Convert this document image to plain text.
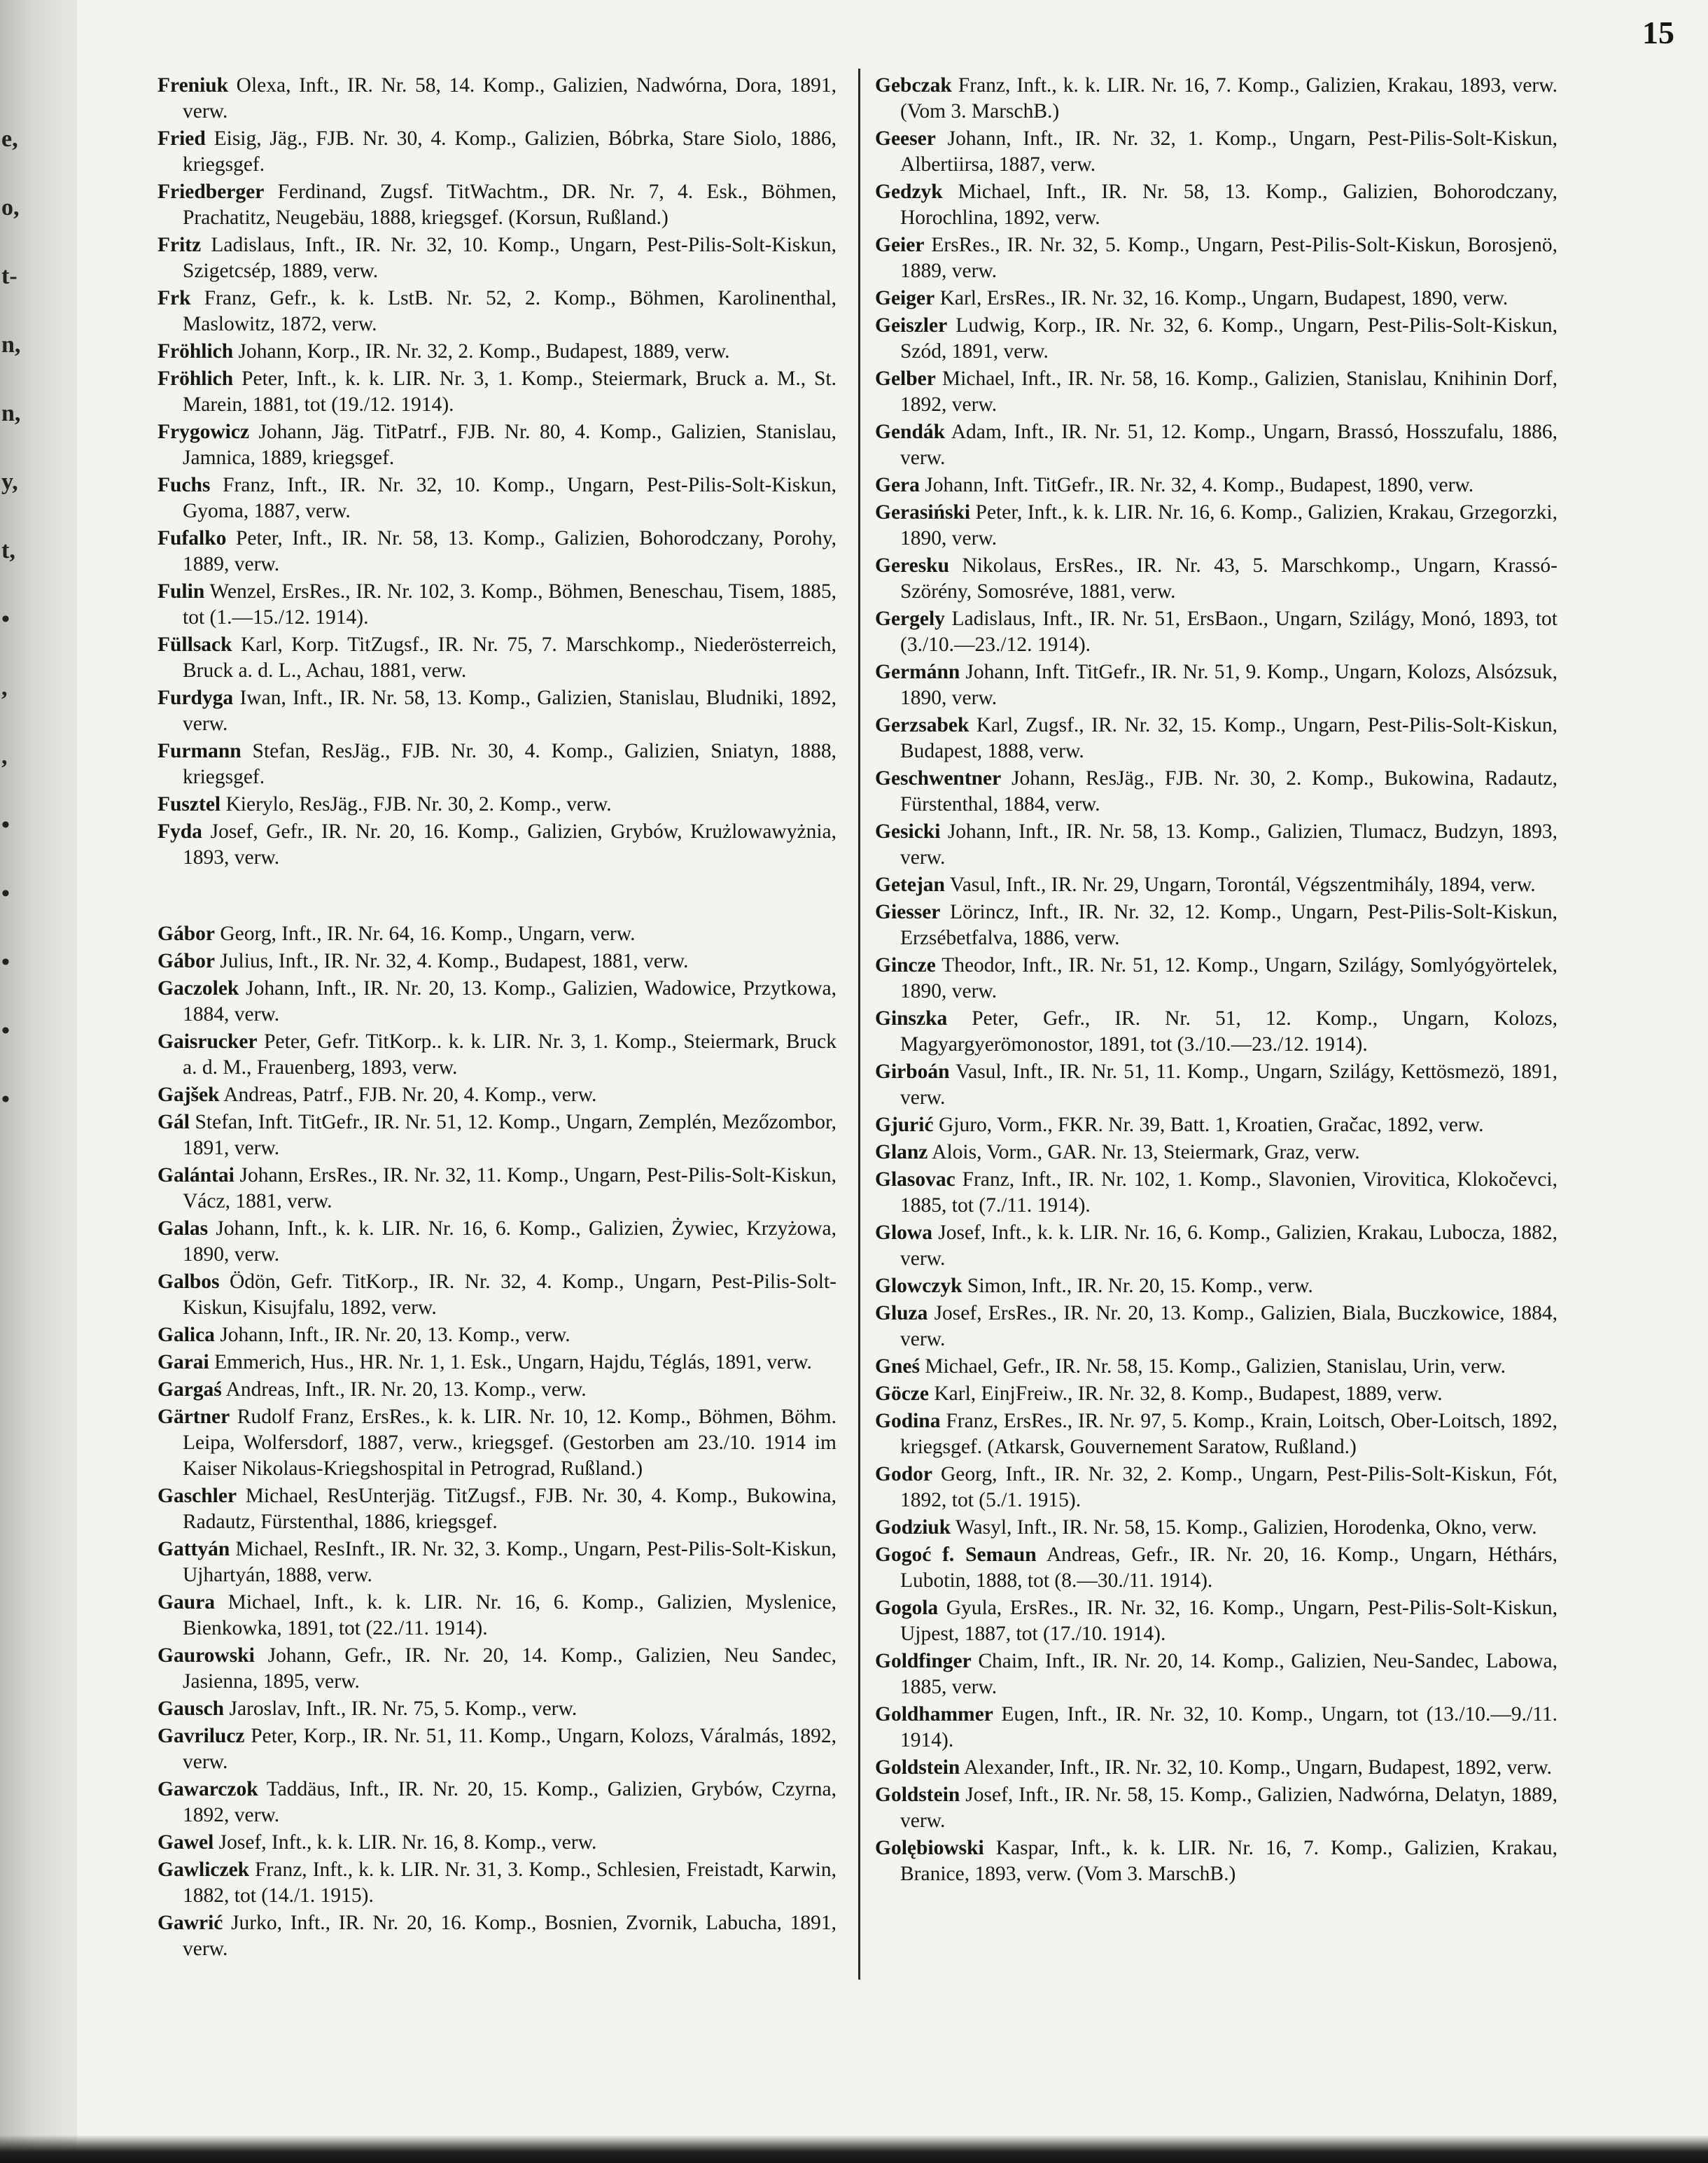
e,
o,
t-
n,
n,
y,
t,
•
,
,
•
•
•
•
•
15

Freniuk Olexa, Inft., IR. Nr. 58, 14. Komp., Galizien, Nadwórna, Dora, 1891, verw.

Fried Eisig, Jäg., FJB. Nr. 30, 4. Komp., Galizien, Bóbrka, Stare Siolo, 1886, kriegsgef.

Friedberger Ferdinand, Zugsf. TitWachtm., DR. Nr. 7, 4. Esk., Böhmen, Prachatitz, Neugebäu, 1888, kriegsgef. (Korsun, Rußland.)

Fritz Ladislaus, Inft., IR. Nr. 32, 10. Komp., Ungarn, Pest-Pilis-Solt-Kiskun, Szigetcsép, 1889, verw.

Frk Franz, Gefr., k. k. LstB. Nr. 52, 2. Komp., Böhmen, Karolinenthal, Maslowitz, 1872, verw.

Fröhlich Johann, Korp., IR. Nr. 32, 2. Komp., Budapest, 1889, verw.

Fröhlich Peter, Inft., k. k. LIR. Nr. 3, 1. Komp., Steiermark, Bruck a. M., St. Marein, 1881, tot (19./12. 1914).

Frygowicz Johann, Jäg. TitPatrf., FJB. Nr. 80, 4. Komp., Galizien, Stanislau, Jamnica, 1889, kriegsgef.

Fuchs Franz, Inft., IR. Nr. 32, 10. Komp., Ungarn, Pest-Pilis-Solt-Kiskun, Gyoma, 1887, verw.

Fufalko Peter, Inft., IR. Nr. 58, 13. Komp., Galizien, Bohorodczany, Porohy, 1889, verw.

Fulin Wenzel, ErsRes., IR. Nr. 102, 3. Komp., Böhmen, Beneschau, Tisem, 1885, tot (1.—15./12. 1914).

Füllsack Karl, Korp. TitZugsf., IR. Nr. 75, 7. Marschkomp., Niederösterreich, Bruck a. d. L., Achau, 1881, verw.

Furdyga Iwan, Inft., IR. Nr. 58, 13. Komp., Galizien, Stanislau, Bludniki, 1892, verw.

Furmann Stefan, ResJäg., FJB. Nr. 30, 4. Komp., Galizien, Sniatyn, 1888, kriegsgef.

Fusztel Kierylo, ResJäg., FJB. Nr. 30, 2. Komp., verw.

Fyda Josef, Gefr., IR. Nr. 20, 16. Komp., Galizien, Grybów, Krużlowawyżnia, 1893, verw.

Gábor Georg, Inft., IR. Nr. 64, 16. Komp., Ungarn, verw.

Gábor Julius, Inft., IR. Nr. 32, 4. Komp., Budapest, 1881, verw.

Gaczolek Johann, Inft., IR. Nr. 20, 13. Komp., Galizien, Wadowice, Przytkowa, 1884, verw.

Gaisrucker Peter, Gefr. TitKorp.. k. k. LIR. Nr. 3, 1. Komp., Steiermark, Bruck a. d. M., Frauenberg, 1893, verw.

Gajšek Andreas, Patrf., FJB. Nr. 20, 4. Komp., verw.

Gál Stefan, Inft. TitGefr., IR. Nr. 51, 12. Komp., Ungarn, Zemplén, Mezőzombor, 1891, verw.

Galántai Johann, ErsRes., IR. Nr. 32, 11. Komp., Ungarn, Pest-Pilis-Solt-Kiskun, Vácz, 1881, verw.

Galas Johann, Inft., k. k. LIR. Nr. 16, 6. Komp., Galizien, Żywiec, Krzyżowa, 1890, verw.

Galbos Ödön, Gefr. TitKorp., IR. Nr. 32, 4. Komp., Ungarn, Pest-Pilis-Solt-Kiskun, Kisujfalu, 1892, verw.

Galica Johann, Inft., IR. Nr. 20, 13. Komp., verw.

Garai Emmerich, Hus., HR. Nr. 1, 1. Esk., Ungarn, Hajdu, Téglás, 1891, verw.

Gargaś Andreas, Inft., IR. Nr. 20, 13. Komp., verw.

Gärtner Rudolf Franz, ErsRes., k. k. LIR. Nr. 10, 12. Komp., Böhmen, Böhm. Leipa, Wolfersdorf, 1887, verw., kriegsgef. (Gestorben am 23./10. 1914 im Kaiser Nikolaus-Kriegshospital in Petrograd, Rußland.)

Gaschler Michael, ResUnterjäg. TitZugsf., FJB. Nr. 30, 4. Komp., Bukowina, Radautz, Fürstenthal, 1886, kriegsgef.

Gattyán Michael, ResInft., IR. Nr. 32, 3. Komp., Ungarn, Pest-Pilis-Solt-Kiskun, Ujhartyán, 1888, verw.

Gaura Michael, Inft., k. k. LIR. Nr. 16, 6. Komp., Galizien, Myslenice, Bienkowka, 1891, tot (22./11. 1914).

Gaurowski Johann, Gefr., IR. Nr. 20, 14. Komp., Galizien, Neu Sandec, Jasienna, 1895, verw.

Gausch Jaroslav, Inft., IR. Nr. 75, 5. Komp., verw.

Gavrilucz Peter, Korp., IR. Nr. 51, 11. Komp., Ungarn, Kolozs, Váralmás, 1892, verw.

Gawarczok Taddäus, Inft., IR. Nr. 20, 15. Komp., Galizien, Grybów, Czyrna, 1892, verw.

Gawel Josef, Inft., k. k. LIR. Nr. 16, 8. Komp., verw.

Gawliczek Franz, Inft., k. k. LIR. Nr. 31, 3. Komp., Schlesien, Freistadt, Karwin, 1882, tot (14./1. 1915).

Gawrić Jurko, Inft., IR. Nr. 20, 16. Komp., Bosnien, Zvornik, Labucha, 1891, verw.

Gebczak Franz, Inft., k. k. LIR. Nr. 16, 7. Komp., Galizien, Krakau, 1893, verw. (Vom 3. MarschB.)

Geeser Johann, Inft., IR. Nr. 32, 1. Komp., Ungarn, Pest-Pilis-Solt-Kiskun, Albertiirsa, 1887, verw.

Gedzyk Michael, Inft., IR. Nr. 58, 13. Komp., Galizien, Bohorodczany, Horochlina, 1892, verw.

Geier ErsRes., IR. Nr. 32, 5. Komp., Ungarn, Pest-Pilis-Solt-Kiskun, Borosjenö, 1889, verw.

Geiger Karl, ErsRes., IR. Nr. 32, 16. Komp., Ungarn, Budapest, 1890, verw.

Geiszler Ludwig, Korp., IR. Nr. 32, 6. Komp., Ungarn, Pest-Pilis-Solt-Kiskun, Szód, 1891, verw.

Gelber Michael, Inft., IR. Nr. 58, 16. Komp., Galizien, Stanislau, Knihinin Dorf, 1892, verw.

Gendák Adam, Inft., IR. Nr. 51, 12. Komp., Ungarn, Brassó, Hosszufalu, 1886, verw.

Gera Johann, Inft. TitGefr., IR. Nr. 32, 4. Komp., Budapest, 1890, verw.

Gerasiński Peter, Inft., k. k. LIR. Nr. 16, 6. Komp., Galizien, Krakau, Grzegorzki, 1890, verw.

Geresku Nikolaus, ErsRes., IR. Nr. 43, 5. Marschkomp., Ungarn, Krassó-Szörény, Somosréve, 1881, verw.

Gergely Ladislaus, Inft., IR. Nr. 51, ErsBaon., Ungarn, Szilágy, Monó, 1893, tot (3./10.—23./12. 1914).

Germánn Johann, Inft. TitGefr., IR. Nr. 51, 9. Komp., Ungarn, Kolozs, Alsózsuk, 1890, verw.

Gerzsabek Karl, Zugsf., IR. Nr. 32, 15. Komp., Ungarn, Pest-Pilis-Solt-Kiskun, Budapest, 1888, verw.

Geschwentner Johann, ResJäg., FJB. Nr. 30, 2. Komp., Bukowina, Radautz, Fürstenthal, 1884, verw.

Gesicki Johann, Inft., IR. Nr. 58, 13. Komp., Galizien, Tlumacz, Budzyn, 1893, verw.

Getejan Vasul, Inft., IR. Nr. 29, Ungarn, Torontál, Végszentmihály, 1894, verw.

Giesser Lörincz, Inft., IR. Nr. 32, 12. Komp., Ungarn, Pest-Pilis-Solt-Kiskun, Erzsébetfalva, 1886, verw.

Gincze Theodor, Inft., IR. Nr. 51, 12. Komp., Ungarn, Szilágy, Somlyógyörtelek, 1890, verw.

Ginszka Peter, Gefr., IR. Nr. 51, 12. Komp., Ungarn, Kolozs, Magyargyerömonostor, 1891, tot (3./10.—23./12. 1914).

Girboán Vasul, Inft., IR. Nr. 51, 11. Komp., Ungarn, Szilágy, Kettösmezö, 1891, verw.

Gjurić Gjuro, Vorm., FKR. Nr. 39, Batt. 1, Kroatien, Gračac, 1892, verw.

Glanz Alois, Vorm., GAR. Nr. 13, Steiermark, Graz, verw.

Glasovac Franz, Inft., IR. Nr. 102, 1. Komp., Slavonien, Virovitica, Klokočevci, 1885, tot (7./11. 1914).

Glowa Josef, Inft., k. k. LIR. Nr. 16, 6. Komp., Galizien, Krakau, Lubocza, 1882, verw.

Glowczyk Simon, Inft., IR. Nr. 20, 15. Komp., verw.

Gluza Josef, ErsRes., IR. Nr. 20, 13. Komp., Galizien, Biala, Buczkowice, 1884, verw.

Gneś Michael, Gefr., IR. Nr. 58, 15. Komp., Galizien, Stanislau, Urin, verw.

Göcze Karl, EinjFreiw., IR. Nr. 32, 8. Komp., Budapest, 1889, verw.

Godina Franz, ErsRes., IR. Nr. 97, 5. Komp., Krain, Loitsch, Ober-Loitsch, 1892, kriegsgef. (Atkarsk, Gouvernement Saratow, Rußland.)

Godor Georg, Inft., IR. Nr. 32, 2. Komp., Ungarn, Pest-Pilis-Solt-Kiskun, Fót, 1892, tot (5./1. 1915).

Godziuk Wasyl, Inft., IR. Nr. 58, 15. Komp., Galizien, Horodenka, Okno, verw.

Gogoć f. Semaun Andreas, Gefr., IR. Nr. 20, 16. Komp., Ungarn, Héthárs, Lubotin, 1888, tot (8.—30./11. 1914).

Gogola Gyula, ErsRes., IR. Nr. 32, 16. Komp., Ungarn, Pest-Pilis-Solt-Kiskun, Ujpest, 1887, tot (17./10. 1914).

Goldfinger Chaim, Inft., IR. Nr. 20, 14. Komp., Galizien, Neu-Sandec, Labowa, 1885, verw.

Goldhammer Eugen, Inft., IR. Nr. 32, 10. Komp., Ungarn, tot (13./10.—9./11. 1914).

Goldstein Alexander, Inft., IR. Nr. 32, 10. Komp., Ungarn, Budapest, 1892, verw.

Goldstein Josef, Inft., IR. Nr. 58, 15. Komp., Galizien, Nadwórna, Delatyn, 1889, verw.

Golębiowski Kaspar, Inft., k. k. LIR. Nr. 16, 7. Komp., Galizien, Krakau, Branice, 1893, verw. (Vom 3. MarschB.)
